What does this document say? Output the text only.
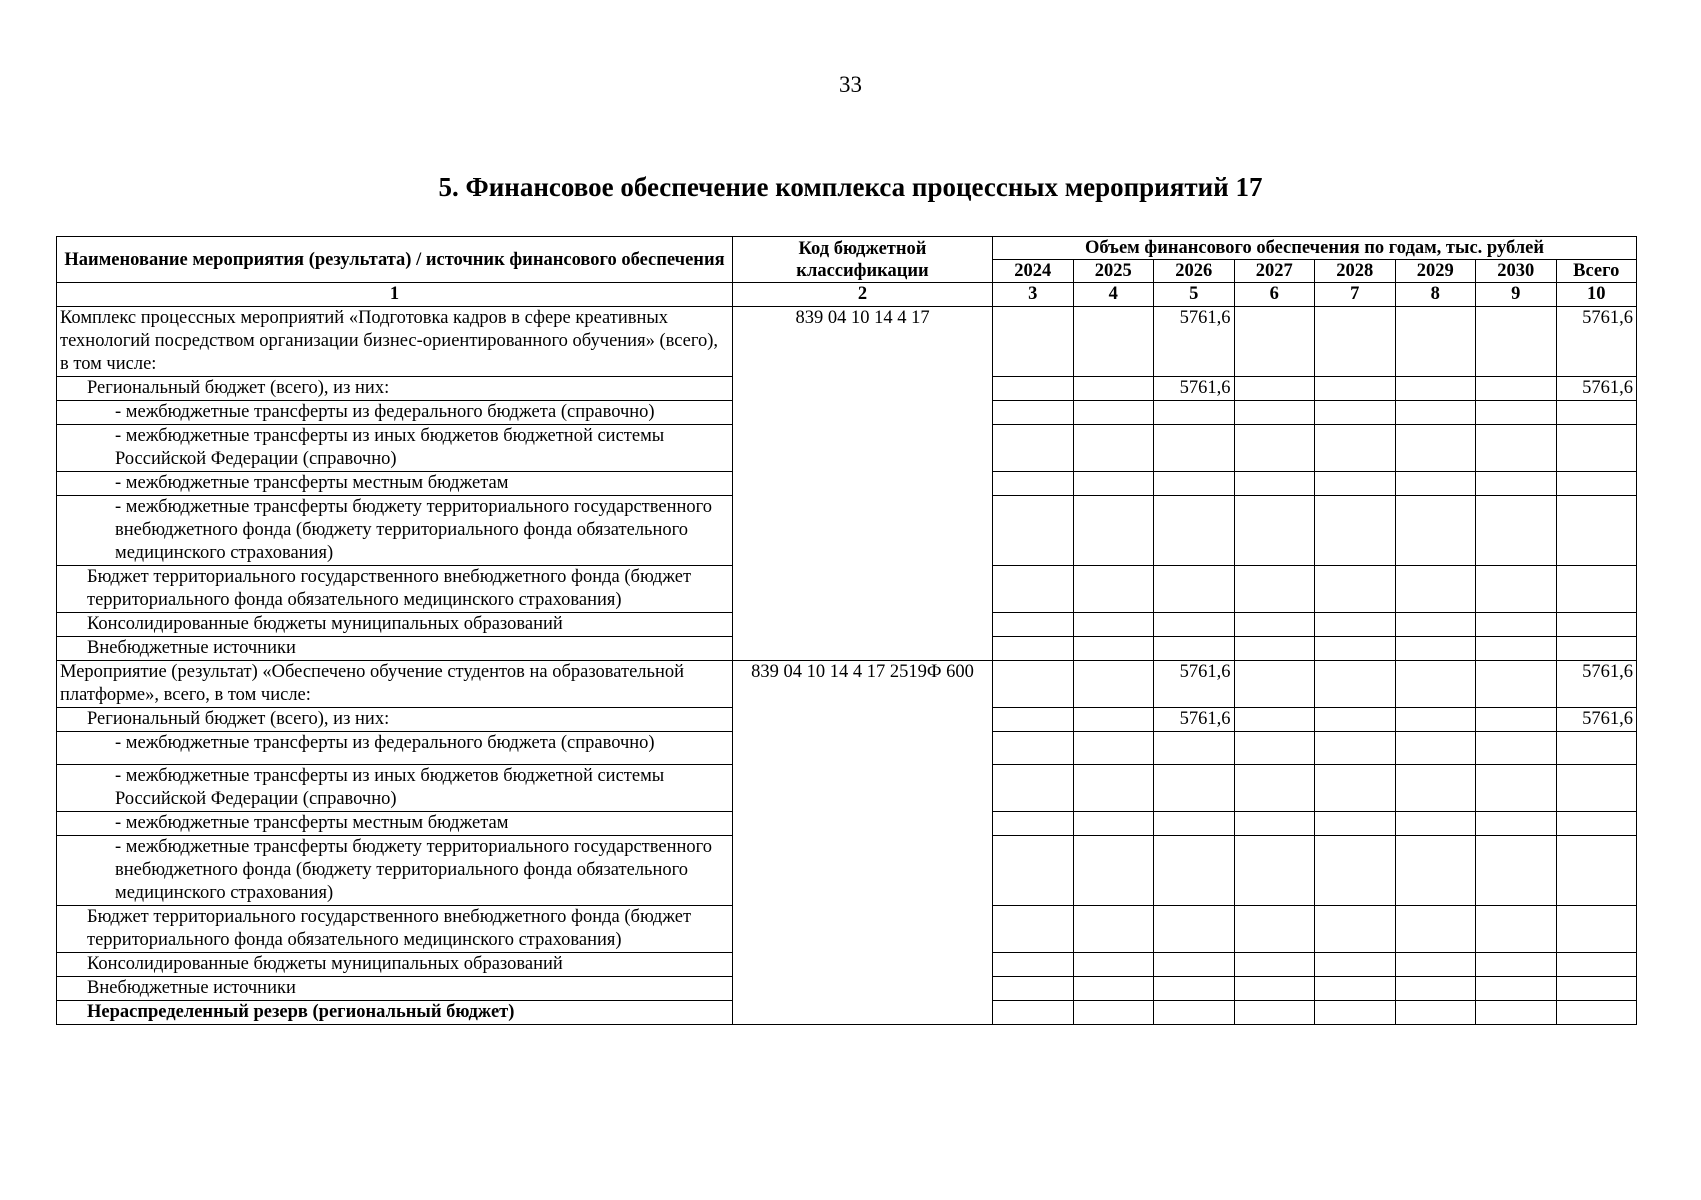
33
5. Финансовое обеспечение комплекса процессных мероприятий 17
Наименование мероприятия (результата) / источник финансового обеспечения	Код бюджетной классификации	Объем финансового обеспечения по годам, тыс. рублей							
		2024	2025	2026	2027	2028	2029	2030	Всего
1	2	3	4	5	6	7	8	9	10
Комплекс процессных мероприятий «Подготовка кадров в сфере креативных технологий посредством организации бизнес-ориентированного обучения» (всего), в том числе:	839 04 10 14 4 17			5761,6					5761,6
Региональный бюджет (всего), из них:				5761,6					5761,6
- межбюджетные трансферты из федерального бюджета (справочно)									
- межбюджетные трансферты из иных бюджетов бюджетной системы Российской Федерации (справочно)									
- межбюджетные трансферты местным бюджетам									
- межбюджетные трансферты бюджету территориального государственного внебюджетного фонда (бюджету территориального фонда обязательного медицинского страхования)									
Бюджет территориального государственного внебюджетного фонда (бюджет территориального фонда обязательного медицинского страхования)									
Консолидированные бюджеты муниципальных образований									
Внебюджетные источники									
Мероприятие (результат) «Обеспечено обучение студентов на образовательной платформе», всего, в том числе:	839 04 10 14 4 17 2519Ф 600			5761,6					5761,6
Региональный бюджет (всего), из них:				5761,6					5761,6
- межбюджетные трансферты из федерального бюджета (справочно)									
- межбюджетные трансферты из иных бюджетов бюджетной системы Российской Федерации (справочно)									
- межбюджетные трансферты местным бюджетам									
- межбюджетные трансферты бюджету территориального государственного внебюджетного фонда (бюджету территориального фонда обязательного медицинского страхования)									
Бюджет территориального государственного внебюджетного фонда (бюджет территориального фонда обязательного медицинского страхования)									
Консолидированные бюджеты муниципальных образований									
Внебюджетные источники									
Нераспределенный резерв (региональный бюджет)									
